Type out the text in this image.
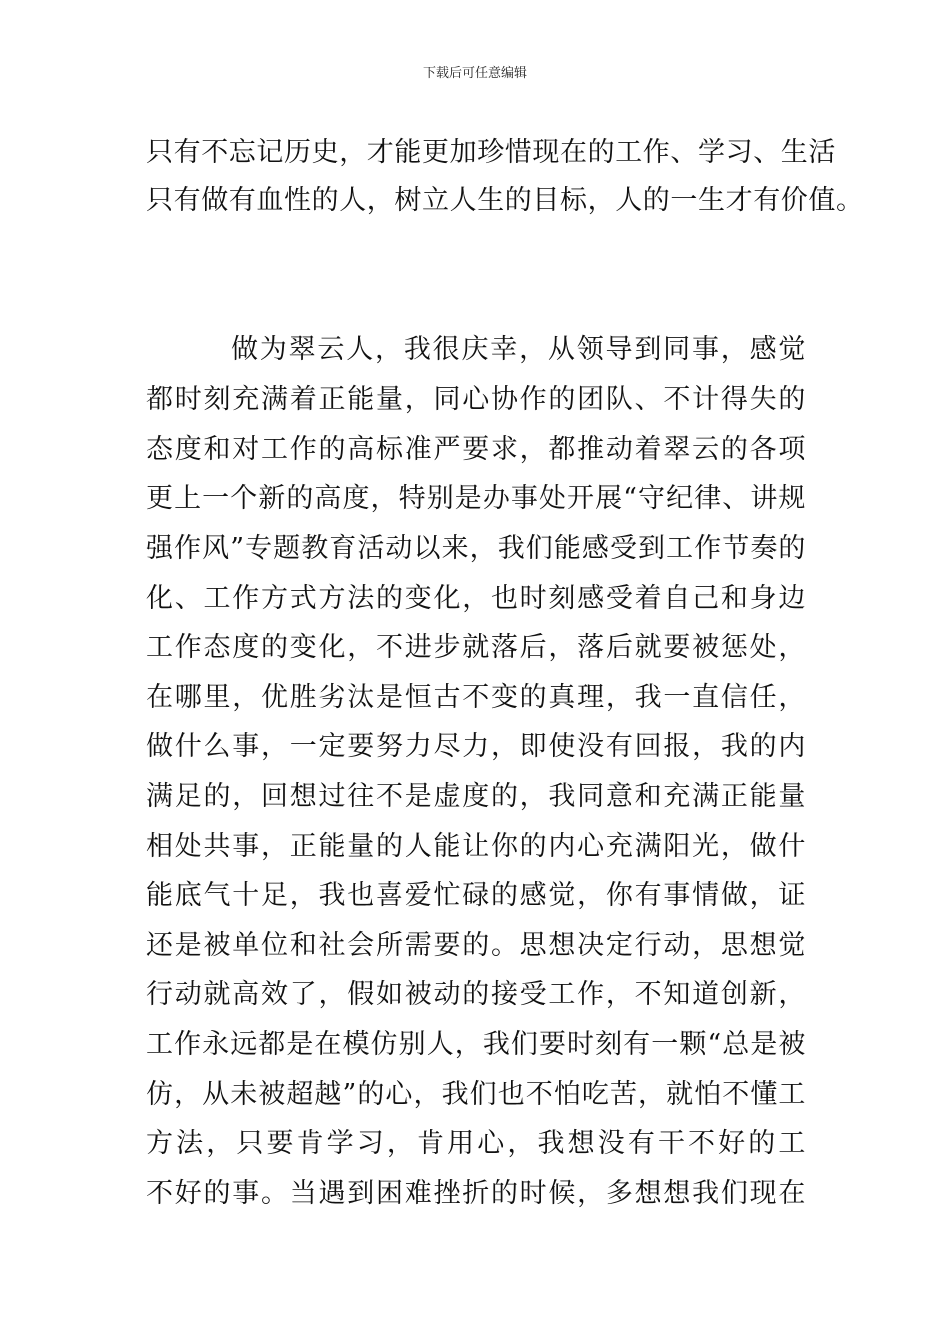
下载后可任意编辑
只有不忘记历史，才能更加珍惜现在的工作、学习、生活
只有做有血性的人，树立人生的目标，人的一生才有价值。
做为翠云人，我很庆幸，从领导到同事，感觉
都时刻充满着正能量，同心协作的团队、不计得失的
态度和对工作的高标准严要求，都推动着翠云的各项
更上一个新的高度，特别是办事处开展“守纪律、讲规
强作风”专题教育活动以来，我们能感受到工作节奏的
化、工作方式方法的变化，也时刻感受着自己和身边
工作态度的变化，不进步就落后，落后就要被惩处，
在哪里，优胜劣汰是恒古不变的真理，我一直信任，
做什么事，一定要努力尽力，即使没有回报，我的内
满足的，回想过往不是虚度的，我同意和充满正能量
相处共事，正能量的人能让你的内心充满阳光，做什
能底气十足，我也喜爱忙碌的感觉，你有事情做，证
还是被单位和社会所需要的。思想决定行动，思想觉
行动就高效了，假如被动的接受工作，不知道创新，
工作永远都是在模仿别人，我们要时刻有一颗“总是被
仿，从未被超越”的心，我们也不怕吃苦，就怕不懂工
方法，只要肯学习，肯用心，我想没有干不好的工
不好的事。当遇到困难挫折的时候，多想想我们现在
